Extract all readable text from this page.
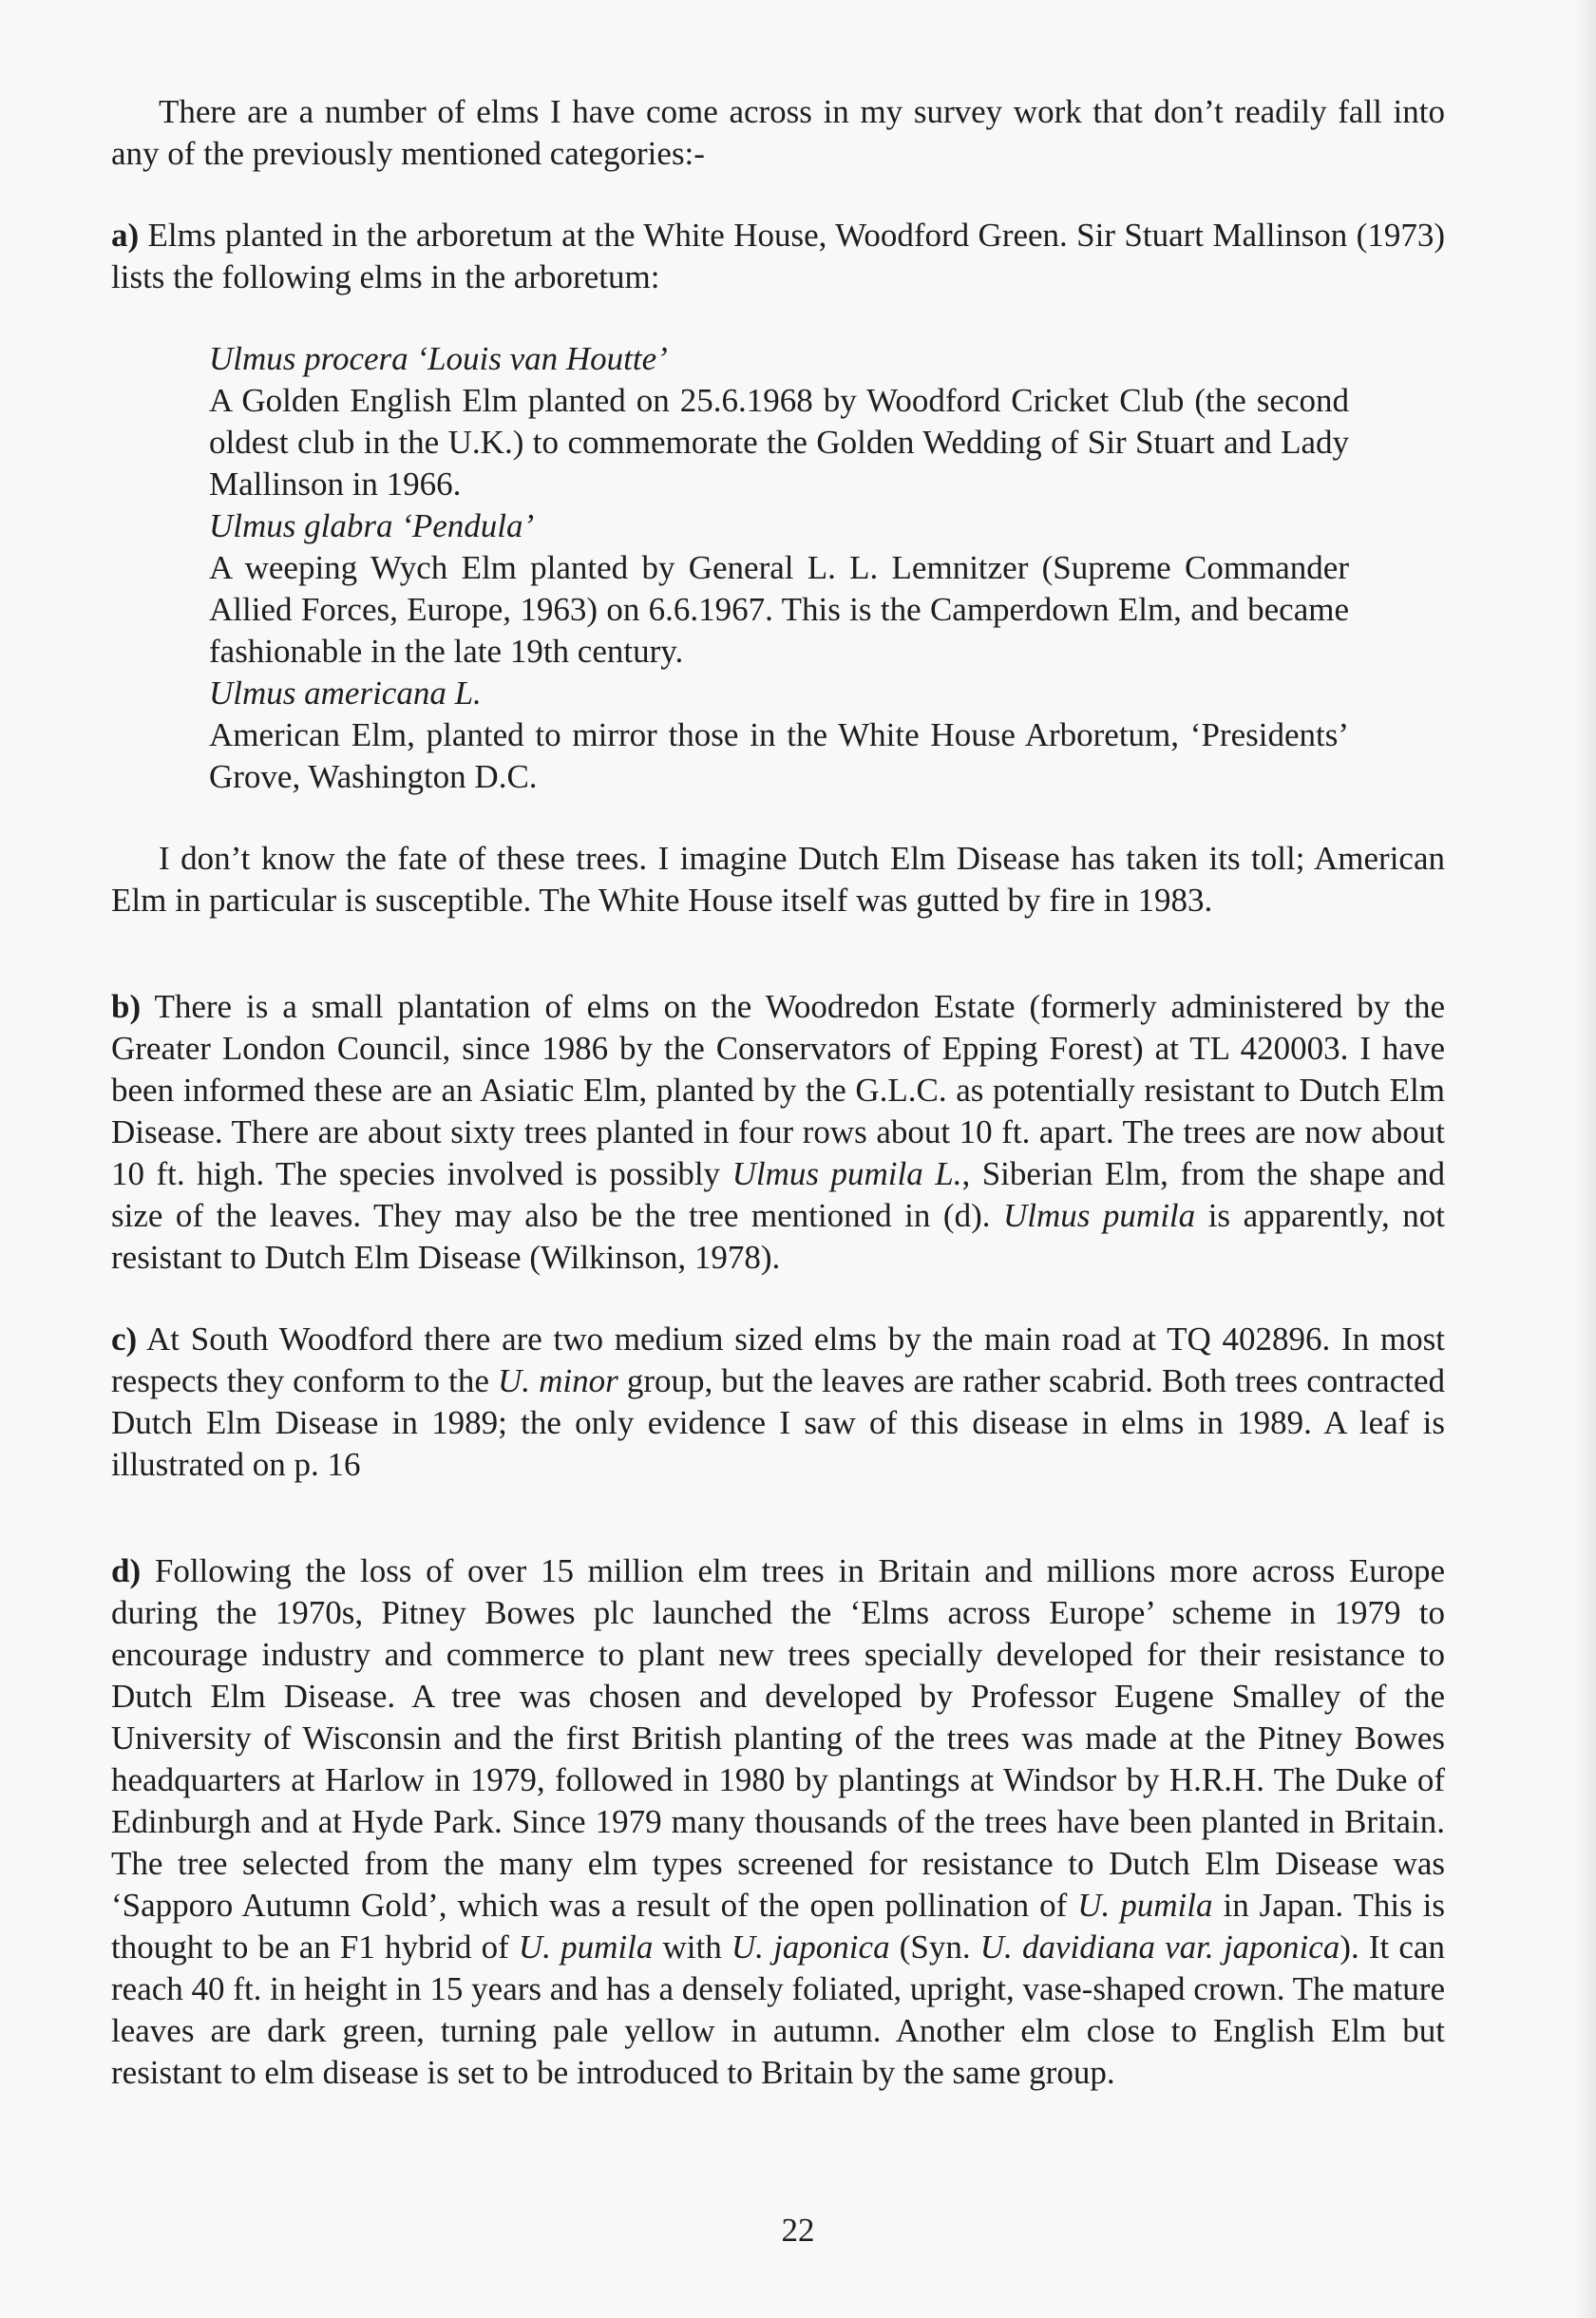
There are a number of elms I have come across in my survey work that don’t readily fall into any of the previously mentioned categories:-

a) Elms planted in the arboretum at the White House, Woodford Green. Sir Stuart Mallinson (1973) lists the following elms in the arboretum:

Ulmus procera ‘Louis van Houtte’

A Golden English Elm planted on 25.6.1968 by Woodford Cricket Club (the second oldest club in the U.K.) to commemorate the Golden Wedding of Sir Stuart and Lady Mallinson in 1966.

Ulmus glabra ‘Pendula’

A weeping Wych Elm planted by General L. L. Lemnitzer (Supreme Commander Allied Forces, Europe, 1963) on 6.6.1967. This is the Camperdown Elm, and became fashionable in the late 19th century.

Ulmus americana L.

American Elm, planted to mirror those in the White House Arboretum, ‘Presidents’ Grove, Washington D.C.

I don’t know the fate of these trees. I imagine Dutch Elm Disease has taken its toll; American Elm in particular is susceptible. The White House itself was gutted by fire in 1983.

b) There is a small plantation of elms on the Woodredon Estate (formerly administered by the Greater London Council, since 1986 by the Conservators of Epping Forest) at TL 420003. I have been informed these are an Asiatic Elm, planted by the G.L.C. as potentially resistant to Dutch Elm Disease. There are about sixty trees planted in four rows about 10 ft. apart. The trees are now about 10 ft. high. The species involved is possibly Ulmus pumila L., Siberian Elm, from the shape and size of the leaves. They may also be the tree mentioned in (d). Ulmus pumila is apparently, not resistant to Dutch Elm Disease (Wilkinson, 1978).

c) At South Woodford there are two medium sized elms by the main road at TQ 402896. In most respects they conform to the U. minor group, but the leaves are rather scabrid. Both trees contracted Dutch Elm Disease in 1989; the only evidence I saw of this disease in elms in 1989. A leaf is illustrated on p. 16

d) Following the loss of over 15 million elm trees in Britain and millions more across Europe during the 1970s, Pitney Bowes plc launched the ‘Elms across Europe’ scheme in 1979 to encourage industry and commerce to plant new trees specially developed for their resistance to Dutch Elm Disease. A tree was chosen and developed by Professor Eugene Smalley of the University of Wisconsin and the first British planting of the trees was made at the Pitney Bowes headquarters at Harlow in 1979, followed in 1980 by plantings at Windsor by H.R.H. The Duke of Edinburgh and at Hyde Park. Since 1979 many thousands of the trees have been planted in Britain. The tree selected from the many elm types screened for resistance to Dutch Elm Disease was ‘Sapporo Autumn Gold’, which was a result of the open pollination of U. pumila in Japan. This is thought to be an F1 hybrid of U. pumila with U. japonica (Syn. U. davidiana var. japonica). It can reach 40 ft. in height in 15 years and has a densely foliated, upright, vase-shaped crown. The mature leaves are dark green, turning pale yellow in autumn. Another elm close to English Elm but resistant to elm disease is set to be introduced to Britain by the same group.

22
